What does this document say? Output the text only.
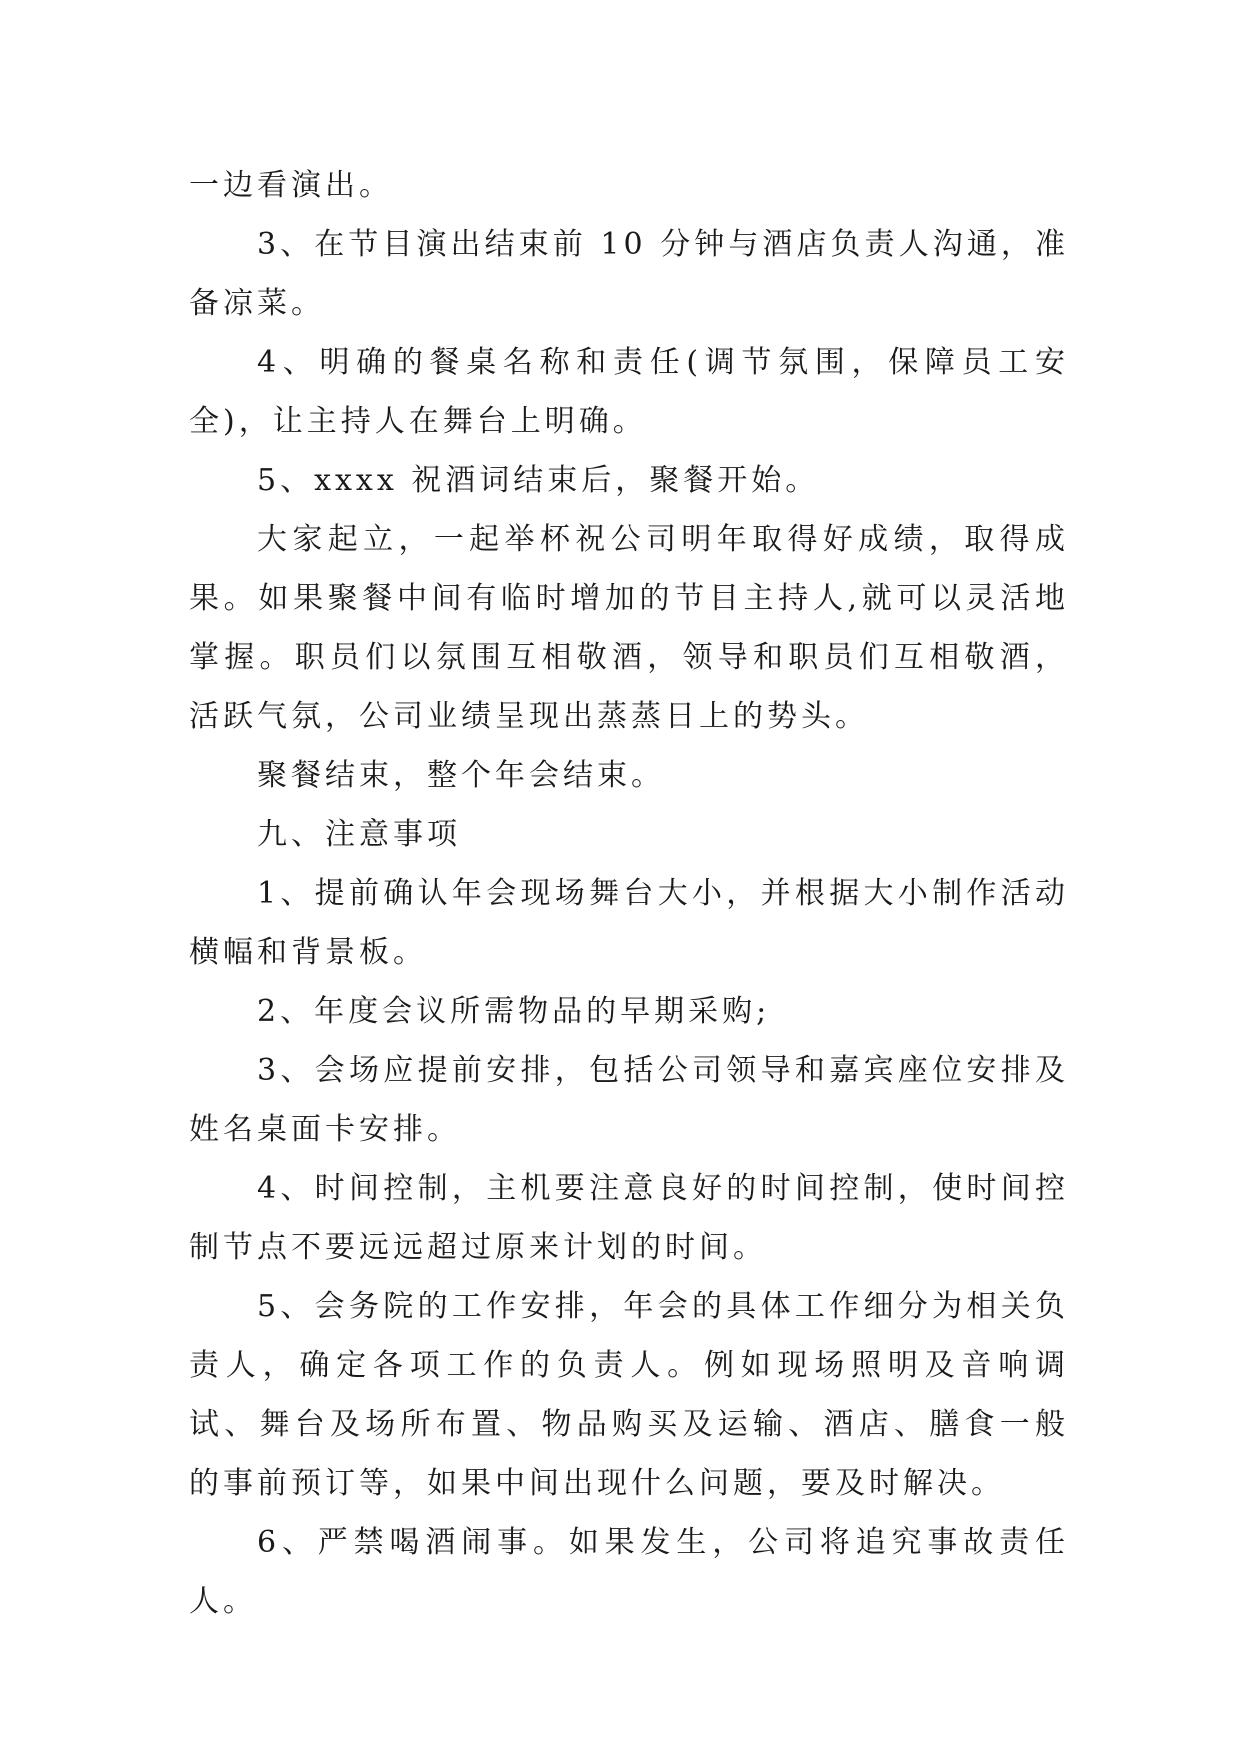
一边看演出。

3、在节目演出结束前 10 分钟与酒店负责人沟通，准备凉菜。

4、明确的餐桌名称和责任(调节氛围，保障员工安全)，让主持人在舞台上明确。

5、xxxx 祝酒词结束后，聚餐开始。

大家起立，一起举杯祝公司明年取得好成绩，取得成果。如果聚餐中间有临时增加的节目主持人,就可以灵活地掌握。职员们以氛围互相敬酒，领导和职员们互相敬酒，活跃气氛，公司业绩呈现出蒸蒸日上的势头。

聚餐结束，整个年会结束。

九、注意事项

1、提前确认年会现场舞台大小，并根据大小制作活动横幅和背景板。

2、年度会议所需物品的早期采购;

3、会场应提前安排，包括公司领导和嘉宾座位安排及姓名桌面卡安排。

4、时间控制，主机要注意良好的时间控制，使时间控制节点不要远远超过原来计划的时间。

5、会务院的工作安排，年会的具体工作细分为相关负责人，确定各项工作的负责人。例如现场照明及音响调试、舞台及场所布置、物品购买及运输、酒店、膳食一般的事前预订等，如果中间出现什么问题，要及时解决。

6、严禁喝酒闹事。如果发生，公司将追究事故责任人。
